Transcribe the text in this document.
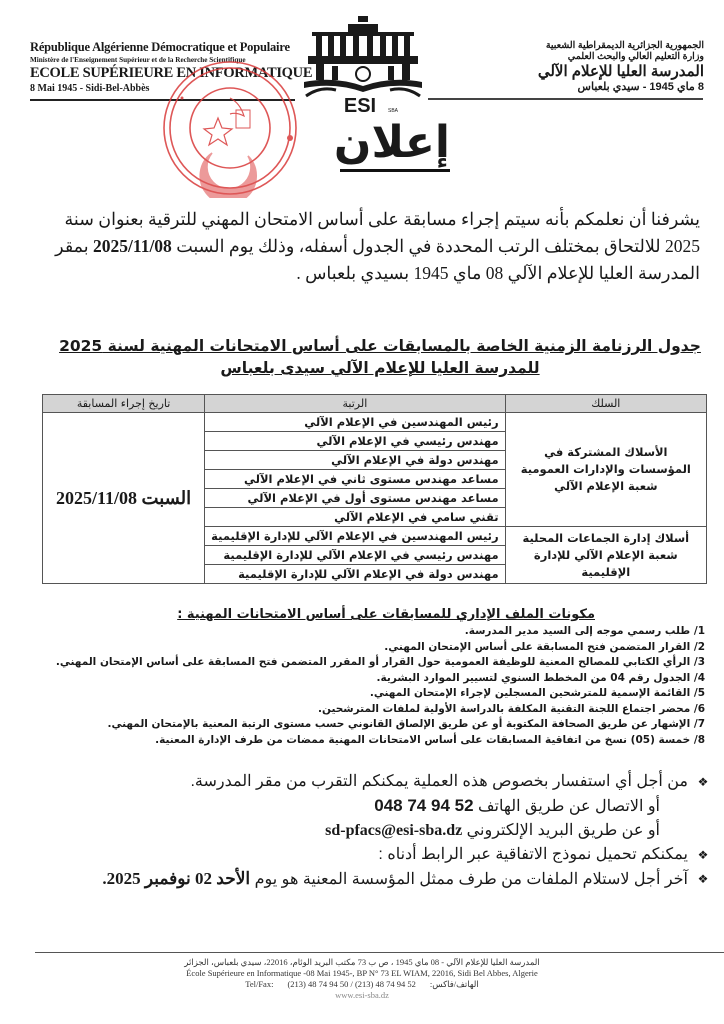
République Algérienne Démocratique et Populaire
Ministère de l'Enseignement Supérieur et de la Recherche Scientifique
ECOLE SUPÉRIEURE EN INFORMATIQUE
8 Mai 1945 - Sidi-Bel-Abbès
ESI SBA
الجمهورية الجزائرية الديمقراطية الشعبية
وزارة التعليم العالي والبحث العلمي
المدرسة العليا للإعلام الآلي
8 ماي 1945 - سيدي بلعباس
إعلان
يشرفنا أن نعلمكم بأنه سيتم إجراء مسابقة على أساس الامتحان المهني للترقية بعنوان سنة 2025 للالتحاق بمختلف الرتب المحددة في الجدول أسفله، وذلك يوم السبت 2025/11/08 بمقر المدرسة العليا للإعلام الآلي 08 ماي 1945 بسيدي بلعباس .
جدول الرزنامة الزمنية الخاصة بالمسابقات على أساس الامتحانات المهنية لسنة 2025
للمدرسة العليا للإعلام الآلي سيدى بلعباس
السلك	الرتبة	تاريخ إجراء المسابقة
الأسلاك المشتركة في المؤسسات والإدارات العمومية شعبة الإعلام الآلي	رئيس المهندسين في الإعلام الآلي	السبت 2025/11/08
	مهندس رئيسي في الإعلام الآلي	
	مهندس دولة في الإعلام الآلي	
	مساعد مهندس مستوى ثاني في الإعلام الآلي	
	مساعد مهندس مستوى أول في الإعلام الآلي	
	تقني سامي في الإعلام الآلي	
أسلاك إدارة الجماعات المحلية شعبة الإعلام الآلي للإدارة الإقليمية	رئيس المهندسين في الإعلام الآلي للإدارة الإقليمية	
	مهندس رئيسي في الإعلام الآلي للإدارة الإقليمية	
	مهندس دولة في الإعلام الآلي للإدارة الإقليمية	
مكونات الملف الإداري للمسابقات على أساس الامتحانات المهنية :
1/ طلب رسمي موجه إلى السيد مدير المدرسة.
2/ القرار المتضمن فتح المسابقة على أساس الإمتحان المهني.
3/ الرأي الكتابي للمصالح المعنية للوظيفة العمومية حول القرار أو المقرر المتضمن فتح المسابقة على أساس الإمتحان المهني.
4/ الجدول رقم 04 من المخطط السنوي لتسيير الموارد البشرية.
5/ القائمة الإسمية للمترشحين المسجلين لإجراء الإمتحان المهني.
6/ محضر اجتماع اللجنة التقنية المكلفة بالدراسة الأولية لملفات المترشحين.
7/ الإشهار عن طريق الصحافة المكتوبة أو عن طريق الإلصاق القانوني حسب مستوى الرتبة المعنية بالإمتحان المهني.
8/ خمسة (05) نسخ من اتفاقية المسابقات على أساس الامتحانات المهنية ممضات من طرف الإدارة المعنية.
❖
من أجل أي استفسار بخصوص هذه العملية يمكنكم التقرب من مقر المدرسة.
أو الاتصال عن طريق الهاتف 048 74 94 52
أو عن طريق البريد الإلكتروني sd-pfacs@esi-sba.dz
❖
يمكنكم تحميل نموذج الاتفاقية عبر الرابط أدناه :
❖
آخر أجل لاستلام الملفات من طرف ممثل المؤسسة المعنية هو يوم الأحد 02 نوفمبر 2025.
المدرسة العليا للإعلام الآلي - 08 ماي 1945 ، ص ب 73 مكتب البريد الوئام، 22016، سيدي بلعباس، الجزائر
École Supérieure en Informatique -08 Mai 1945-, BP N° 73 EL WIAM, 22016, Sidi Bel Abbes, Algerie
Tel/Fax: (213) 48 74 94 50 / (213) 48 74 94 52 الهاتف/فاكس:
www.esi-sba.dz
